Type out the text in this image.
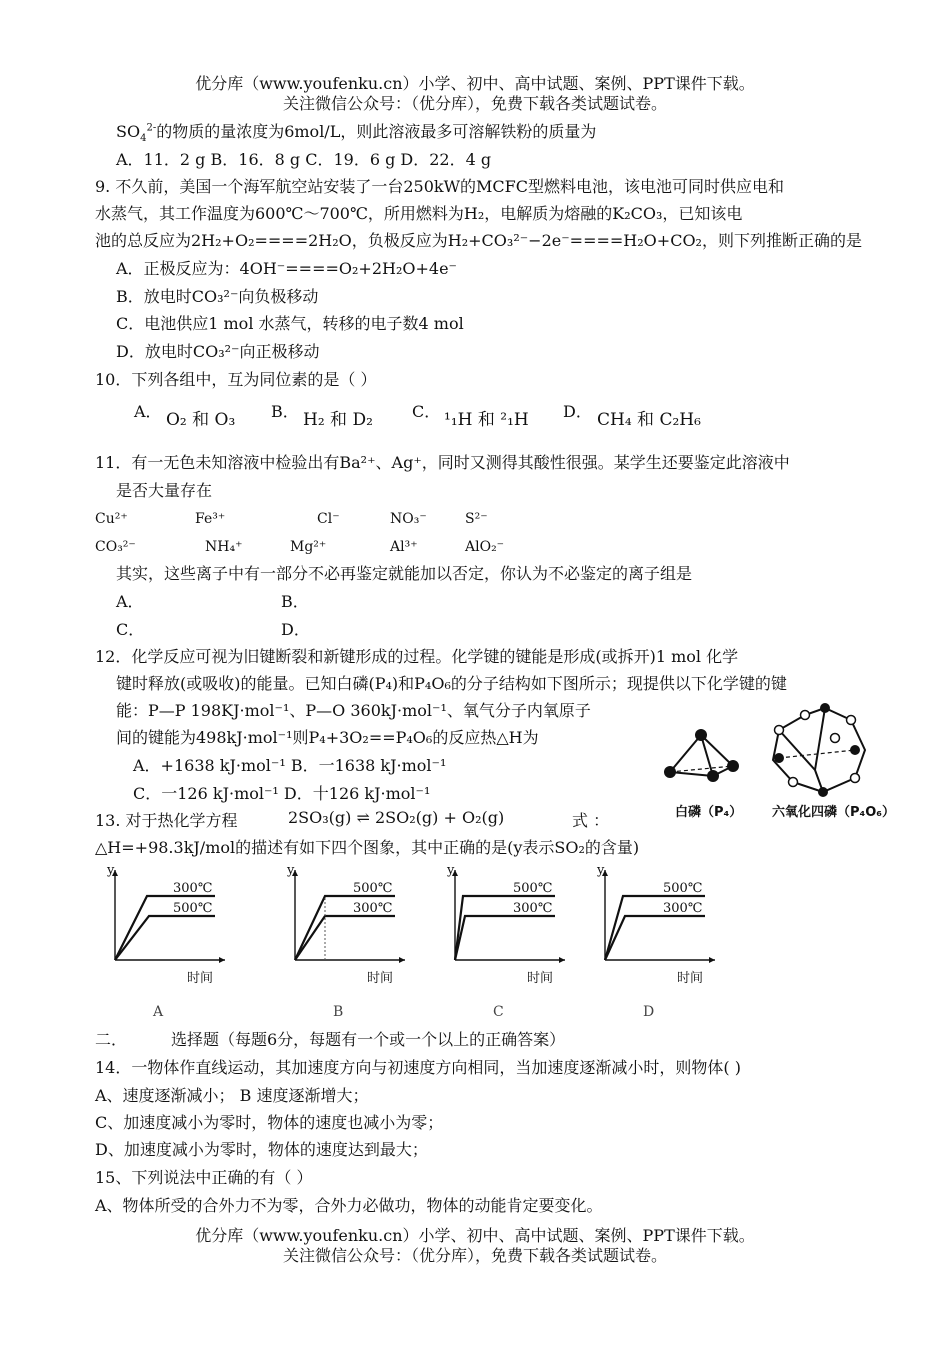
优分库（www.youfenku.cn）小学、初中、高中试题、案例、PPT课件下载。
关注微信公众号：（优分库），免费下载各类试题试卷。
$SO_4^{2-}$的物质的量浓度为6mol/L，则此溶液最多可溶解铁粉的质量为
A．11．2 g B．16．8 g C．19．6 g D．22．4 g
9. 不久前，美国一个海军航空站安装了一台250kW的MCFC型燃料电池，该电池可同时供应电和
水蒸气，其工作温度为600℃～700℃，所用燃料为H₂，电解质为熔融的K₂CO₃，已知该电
池的总反应为2H₂+O₂====2H₂O，负极反应为H₂+CO₃²⁻−2e⁻====H₂O+CO₂，则下列推断正确的是
A．正极反应为：4OH⁻====O₂+2H₂O+4e⁻
B．放电时CO₃²⁻向负极移动
C．电池供应1 mol 水蒸气，转移的电子数4 mol
D．放电时CO₃²⁻向正极移动
10．下列各组中，互为同位素的是（ ）
A． O₂ 和 O₃ B． H₂ 和 D₂ C． ¹₁H 和 ²₁H D． CH₄ 和 C₂H₆
11．有一无色未知溶液中检验出有Ba²⁺、Ag⁺，同时又测得其酸性很强。某学生还要鉴定此溶液中
是否大量存在
Cu²⁺	Fe³⁺	Cl⁻	NO₃⁻	S²⁻
CO₃²⁻	NH₄⁺	Mg²⁺	Al³⁺	AlO₂⁻
其实，这些离子中有一部分不必再鉴定就能加以否定，你认为不必鉴定的离子组是
A．	B．
C．	D．
12．化学反应可视为旧键断裂和新键形成的过程。化学键的键能是形成(或拆开)1 mol 化学
键时释放(或吸收)的能量。已知白磷(P₄)和P₄O₆的分子结构如下图所示；现提供以下化学键的键
能：P—P 198KJ·mol⁻¹、P—O 360kJ·mol⁻¹、氧气分子内氧原子
间的键能为498kJ·mol⁻¹则P₄+3O₂==P₄O₆的反应热△H为
A．+1638 kJ·mol⁻¹ B．一1638 kJ·mol⁻¹
C．一126 kJ·mol⁻¹ D．十126 kJ·mol⁻¹
白磷（P₄） 六氧化四磷（P₄O₆）
13. 对于热化学方程	2SO₃(g) ⇌ 2SO₂(g) + O₂(g)	式 ：
△H=+98.3kJ/mol的描述有如下四个图象，其中正确的是(y表示SO₂的含量)
y
时间
A
300℃
500℃
y
时间
B
500℃
300℃
y
时间
C
500℃
300℃
y
时间
D
500℃
300℃
二．	选择题（每题6分，每题有一个或一个以上的正确答案）
14．一物体作直线运动，其加速度方向与初速度方向相同，当加速度逐渐减小时，则物体( )
A、速度逐渐减小； B 速度逐渐增大；
C、加速度减小为零时，物体的速度也减小为零；
D、加速度减小为零时，物体的速度达到最大；
15、下列说法中正确的有（ ）
A、物体所受的合外力不为零，合外力必做功，物体的动能肯定要变化。
优分库（www.youfenku.cn）小学、初中、高中试题、案例、PPT课件下载。
关注微信公众号：（优分库），免费下载各类试题试卷。
